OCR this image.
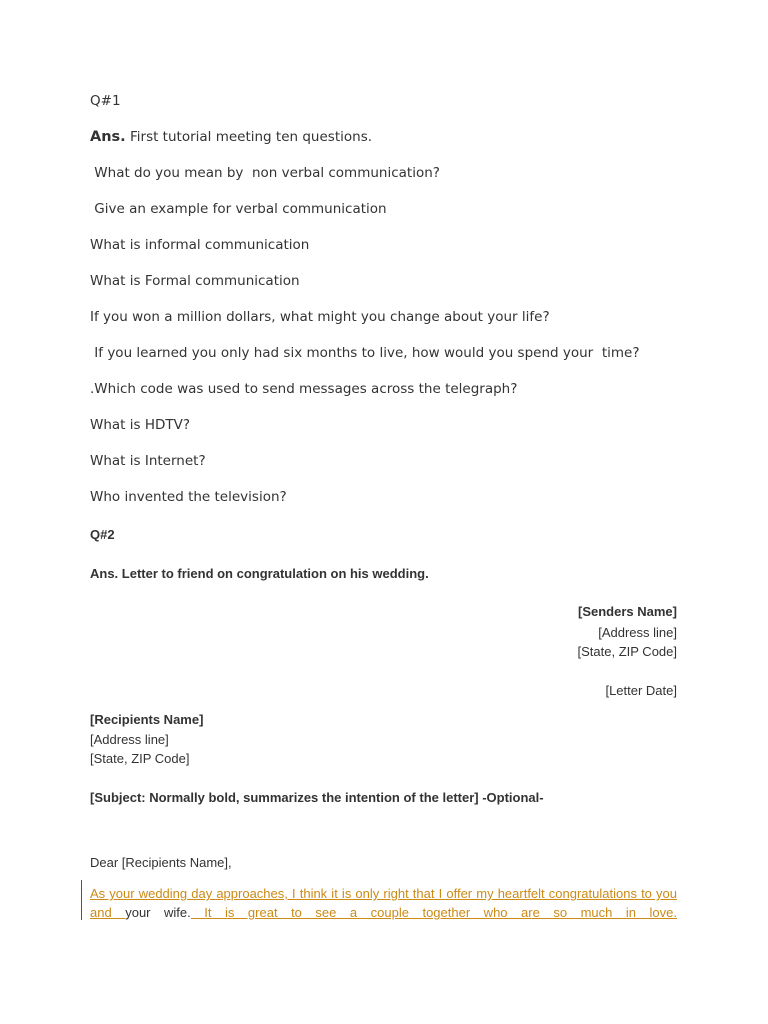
Q#1
Ans. First tutorial meeting ten questions.
What do you mean by  non verbal communication?
Give an example for verbal communication
What is informal communication
What is Formal communication
If you won a million dollars, what might you change about your life?
If you learned you only had six months to live, how would you spend your  time?
.Which code was used to send messages across the telegraph?
What is HDTV?
What is Internet?
Who invented the television?
Q#2
Ans. Letter to friend on congratulation on his wedding.
[Senders Name]
[Address line]
[State, ZIP Code]
[Letter Date]
[Recipients Name]
[Address line]
[State, ZIP Code]
[Subject: Normally bold, summarizes the intention of the letter] -Optional-
Dear [Recipients Name],
As your wedding day approaches, I think it is only right that I offer my heartfelt congratulations to you
and your wife. It is great to see a couple together who are so much in love.
